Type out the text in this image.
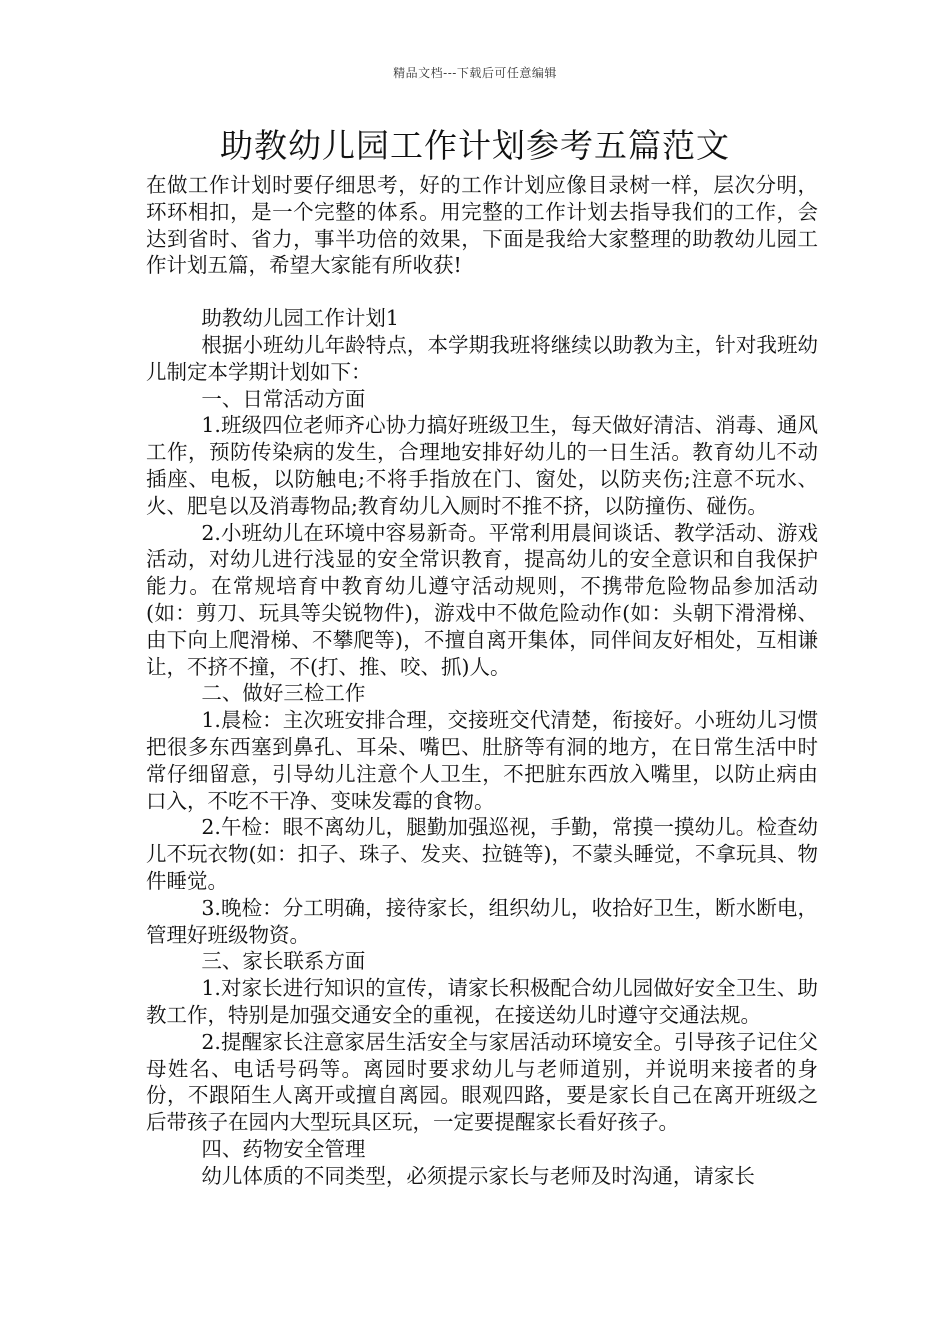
精品文档---下载后可任意编辑
助教幼儿园工作计划参考五篇范文

在做工作计划时要仔细思考，好的工作计划应像目录树一样，层次分明，环环相扣，是一个完整的体系。用完整的工作计划去指导我们的工作，会达到省时、省力，事半功倍的效果，下面是我给大家整理的助教幼儿园工作计划五篇，希望大家能有所收获!

助教幼儿园工作计划1

根据小班幼儿年龄特点，本学期我班将继续以助教为主，针对我班幼儿制定本学期计划如下：

一、日常活动方面

1.班级四位老师齐心协力搞好班级卫生，每天做好清洁、消毒、通风工作，预防传染病的发生，合理地安排好幼儿的一日生活。教育幼儿不动插座、电板，以防触电;不将手指放在门、窗处，以防夹伤;注意不玩水、火、肥皂以及消毒物品;教育幼儿入厕时不推不挤，以防撞伤、碰伤。

2.小班幼儿在环境中容易新奇。平常利用晨间谈话、教学活动、游戏活动，对幼儿进行浅显的安全常识教育，提高幼儿的安全意识和自我保护能力。在常规培育中教育幼儿遵守活动规则，不携带危险物品参加活动(如：剪刀、玩具等尖锐物件)，游戏中不做危险动作(如：头朝下滑滑梯、由下向上爬滑梯、不攀爬等)，不擅自离开集体，同伴间友好相处，互相谦让，不挤不撞，不(打、推、咬、抓)人。

二、做好三检工作

1.晨检：主次班安排合理，交接班交代清楚，衔接好。小班幼儿习惯把很多东西塞到鼻孔、耳朵、嘴巴、肚脐等有洞的地方，在日常生活中时常仔细留意，引导幼儿注意个人卫生，不把脏东西放入嘴里，以防止病由口入，不吃不干净、变味发霉的食物。

2.午检：眼不离幼儿，腿勤加强巡视，手勤，常摸一摸幼儿。检查幼儿不玩衣物(如：扣子、珠子、发夹、拉链等)，不蒙头睡觉，不拿玩具、物件睡觉。

3.晚检：分工明确，接待家长，组织幼儿，收拾好卫生，断水断电，管理好班级物资。

三、家长联系方面

1.对家长进行知识的宣传，请家长积极配合幼儿园做好安全卫生、助教工作，特别是加强交通安全的重视，在接送幼儿时遵守交通法规。

2.提醒家长注意家居生活安全与家居活动环境安全。引导孩子记住父母姓名、电话号码等。离园时要求幼儿与老师道别，并说明来接者的身份，不跟陌生人离开或擅自离园。眼观四路，要是家长自己在离开班级之后带孩子在园内大型玩具区玩，一定要提醒家长看好孩子。

四、药物安全管理

幼儿体质的不同类型，必须提示家长与老师及时沟通，请家长
